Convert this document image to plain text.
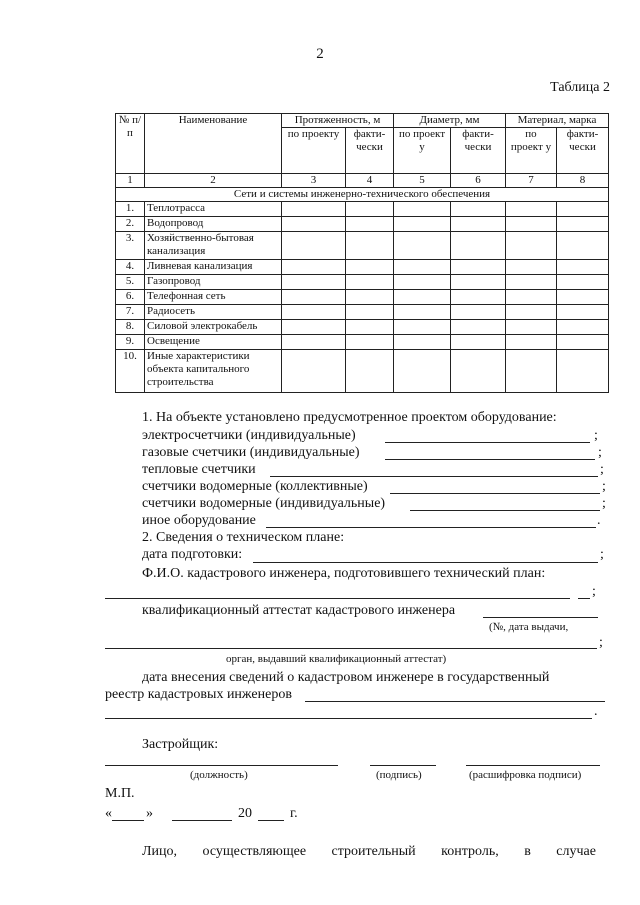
2
Таблица 2
№ п/п	Наименование	Протяженность, м		Диаметр, мм		Материал, марка	
		по проекту	факти-чески	по проект у	факти-чески	по проект у	факти-чески
1	2	3	4	5	6	7	8
Сети и системы инженерно-технического обеспечения							
1.	Теплотрасса						
2.	Водопровод						
3.	Хозяйственно-бытовая канализация						
4.	Ливневая канализация						
5.	Газопровод						
6.	Телефонная сеть						
7.	Радиосеть						
8.	Силовой электрокабель						
9.	Освещение						
10.	Иные характеристики объекта капитального строительства						
1. На объекте установлено предусмотренное проектом оборудование:
электросчетчики (индивидуальные)	;
газовые счетчики (индивидуальные)	;
тепловые счетчики	;
счетчики водомерные (коллективные)	;
счетчики водомерные (индивидуальные)	;
иное оборудование	.
2. Сведения о техническом плане:
дата подготовки:	;
Ф.И.О. кадастрового инженера, подготовившего технический план:
;
квалификационный аттестат кадастрового инженера
(№, дата выдачи,
;
орган, выдавший квалификационный аттестат)
дата внесения сведений о кадастровом инженере в государственный
реестр кадастровых инженеров
.
Застройщик:
(должность)	(подпись)	(расшифровка подписи)
М.П.
« »	20	г.
Лицо, осуществляющее строительный контроль, в случае
